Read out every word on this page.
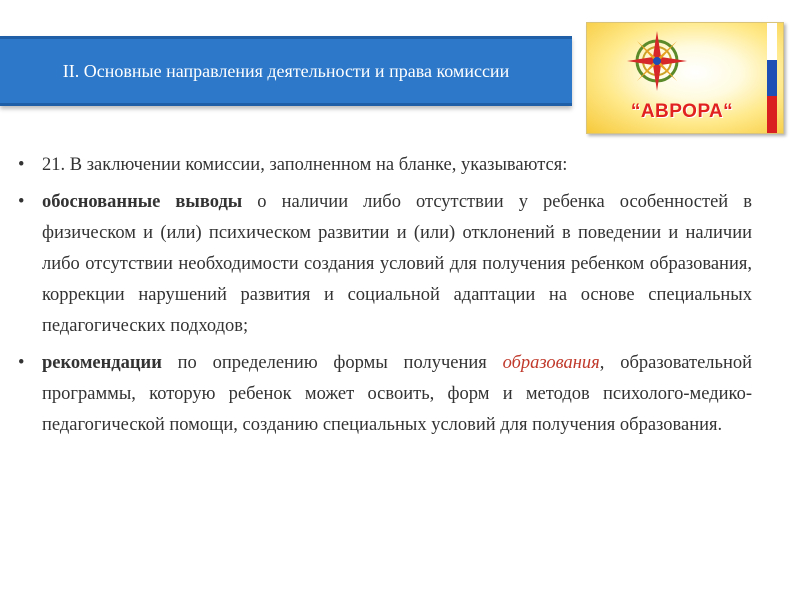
II. Основные направления деятельности и права комиссии
“АВРОРА“

• 21. В заключении комиссии, заполненном на бланке, указываются:

• обоснованные выводы о наличии либо отсутствии у ребенка особенностей в физическом и (или) психическом развитии и (или) отклонений в поведении и наличии либо отсутствии необходимости создания условий для получения ребенком образования, коррекции нарушений развития и социальной адаптации на основе специальных педагогических подходов;

• рекомендации по определению формы получения образования, образовательной программы, которую ребенок может освоить, форм и методов психолого-медико-педагогической помощи, созданию специальных условий для получения образования.
